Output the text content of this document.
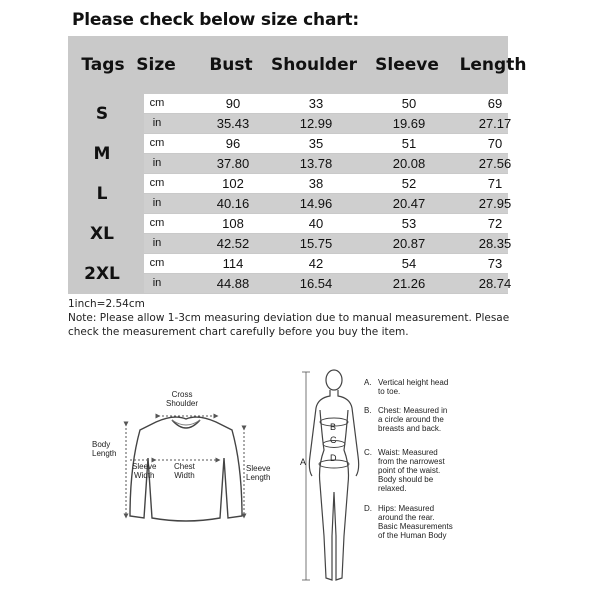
Please check below size chart:
Tags Size	Bust	Shoulder	Sleeve	Length
S
cm	90	33	50	69
in	35.43	12.99	19.69	27.17
M
cm	96	35	51	70
in	37.80	13.78	20.08	27.56
L
cm	102	38	52	71
in	40.16	14.96	20.47	27.95
XL
cm	108	40	53	72
in	42.52	15.75	20.87	28.35
2XL
cm	114	42	54	73
in	44.88	16.54	21.26	28.74
1inch=2.54cm
Note: Please allow 1-3cm measuring deviation due to manual measurement. Plesae
check the measurement chart carefully before you buy the item.
Cross
Shoulder
Body
Length
Sleeve
Width
Chest
Width
Sleeve
Length
A
B
C
D
A. Vertical height head
to toe.
B. Chest: Measured in
a circle around the
breasts and back.
C. Waist: Measured
from the narrowest
point of the waist.
Body should be
relaxed.
D. Hips: Measured
around the rear.
Basic Measurements
of the Human Body
